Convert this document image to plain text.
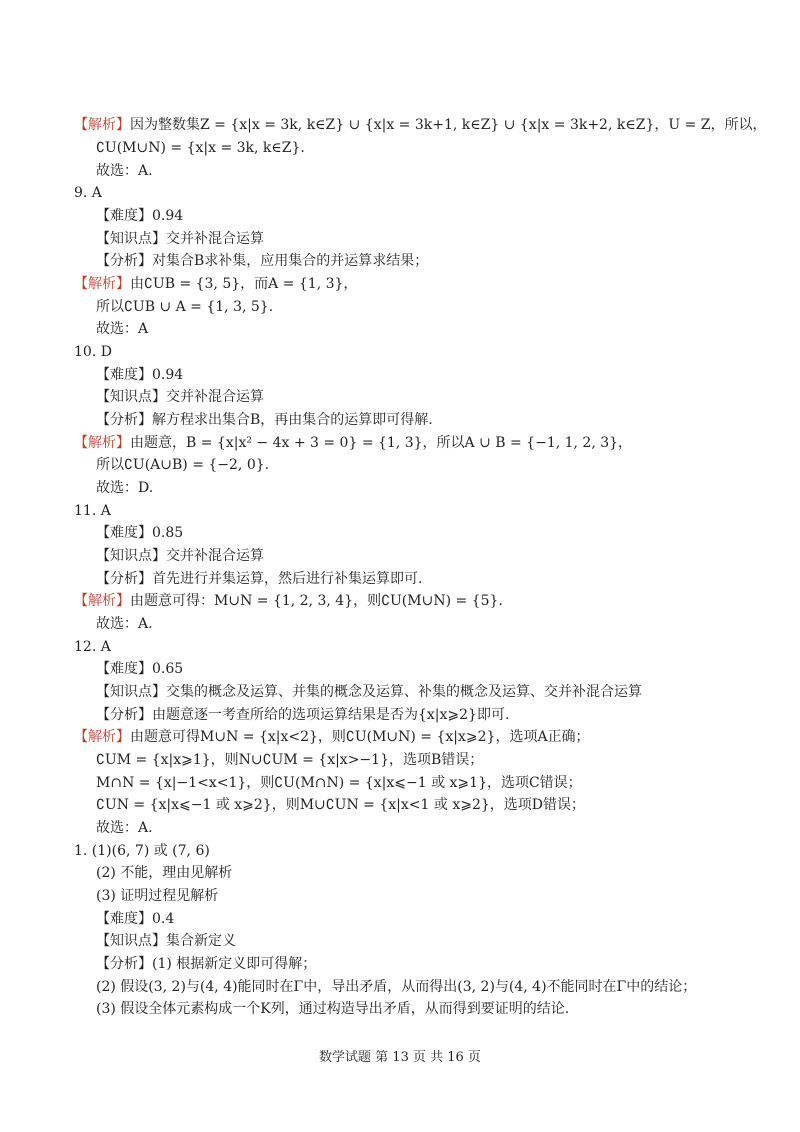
【解析】因为整数集Z = {x|x = 3k, k∈Z} ∪ {x|x = 3k+1, k∈Z} ∪ {x|x = 3k+2, k∈Z}，U = Z，所以，
∁U(M∪N) = {x|x = 3k, k∈Z}.
故选：A.
9. A
【难度】0.94
【知识点】交并补混合运算
【分析】对集合B求补集，应用集合的并运算求结果；
【解析】由∁UB = {3, 5}，而A = {1, 3}，
所以∁UB ∪ A = {1, 3, 5}.
故选：A
10. D
【难度】0.94
【知识点】交并补混合运算
【分析】解方程求出集合B，再由集合的运算即可得解.
【解析】由题意，B = {x|x² − 4x + 3 = 0} = {1, 3}，所以A ∪ B = {−1, 1, 2, 3}，
所以∁U(A∪B) = {−2, 0}.
故选：D.
11. A
【难度】0.85
【知识点】交并补混合运算
【分析】首先进行并集运算，然后进行补集运算即可.
【解析】由题意可得：M∪N = {1, 2, 3, 4}，则∁U(M∪N) = {5}.
故选：A.
12. A
【难度】0.65
【知识点】交集的概念及运算、并集的概念及运算、补集的概念及运算、交并补混合运算
【分析】由题意逐一考查所给的选项运算结果是否为{x|x⩾2}即可.
【解析】由题意可得M∪N = {x|x<2}，则∁U(M∪N) = {x|x⩾2}，选项A正确；
∁UM = {x|x⩾1}，则N∪∁UM = {x|x>−1}，选项B错误；
M∩N = {x|−1<x<1}，则∁U(M∩N) = {x|x⩽−1 或 x⩾1}，选项C错误；
∁UN = {x|x⩽−1 或 x⩾2}，则M∪∁UN = {x|x<1 或 x⩾2}，选项D错误；
故选：A.
1. (1)(6, 7) 或 (7, 6)
(2) 不能，理由见解析
(3) 证明过程见解析
【难度】0.4
【知识点】集合新定义
【分析】(1) 根据新定义即可得解；
(2) 假设(3, 2)与(4, 4)能同时在Γ中，导出矛盾，从而得出(3, 2)与(4, 4)不能同时在Γ中的结论；
(3) 假设全体元素构成一个K列，通过构造导出矛盾，从而得到要证明的结论.
数学试题 第 13 页 共 16 页
